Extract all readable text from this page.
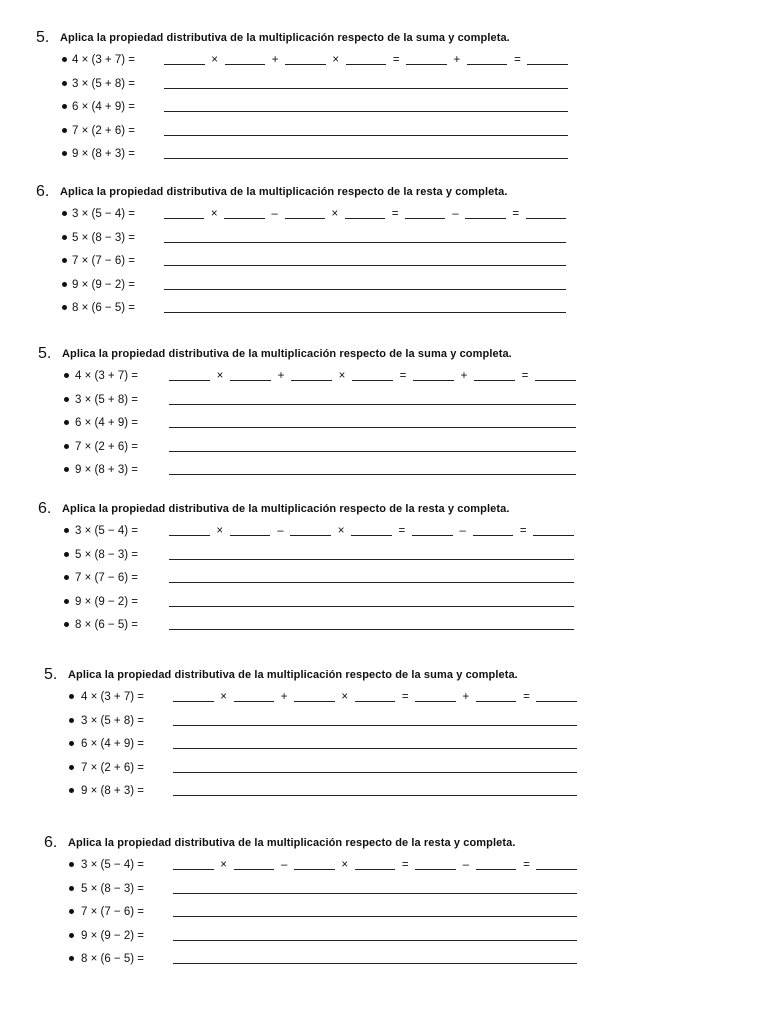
5. Aplica la propiedad distributiva de la multiplicación respecto de la suma y completa.
4 × (3 + 7) =	×	+	×	=	+	=
3 × (5 + 8) =
6 × (4 + 9) =
7 × (2 + 6) =
9 × (8 + 3) =
6. Aplica la propiedad distributiva de la multiplicación respecto de la resta y completa.
3 × (5 − 4) =	×	–	×	=	–	=
5 × (8 − 3) =
7 × (7 − 6) =
9 × (9 − 2) =
8 × (6 − 5) =
5. Aplica la propiedad distributiva de la multiplicación respecto de la suma y completa.
4 × (3 + 7) =	×	+	×	=	+	=
3 × (5 + 8) =
6 × (4 + 9) =
7 × (2 + 6) =
9 × (8 + 3) =
6. Aplica la propiedad distributiva de la multiplicación respecto de la resta y completa.
3 × (5 − 4) =	×	–	×	=	–	=
5 × (8 − 3) =
7 × (7 − 6) =
9 × (9 − 2) =
8 × (6 − 5) =
5. Aplica la propiedad distributiva de la multiplicación respecto de la suma y completa.
4 × (3 + 7) =	×	+	×	=	+	=
3 × (5 + 8) =
6 × (4 + 9) =
7 × (2 + 6) =
9 × (8 + 3) =
6. Aplica la propiedad distributiva de la multiplicación respecto de la resta y completa.
3 × (5 − 4) =	×	–	×	=	–	=
5 × (8 − 3) =
7 × (7 − 6) =
9 × (9 − 2) =
8 × (6 − 5) =
